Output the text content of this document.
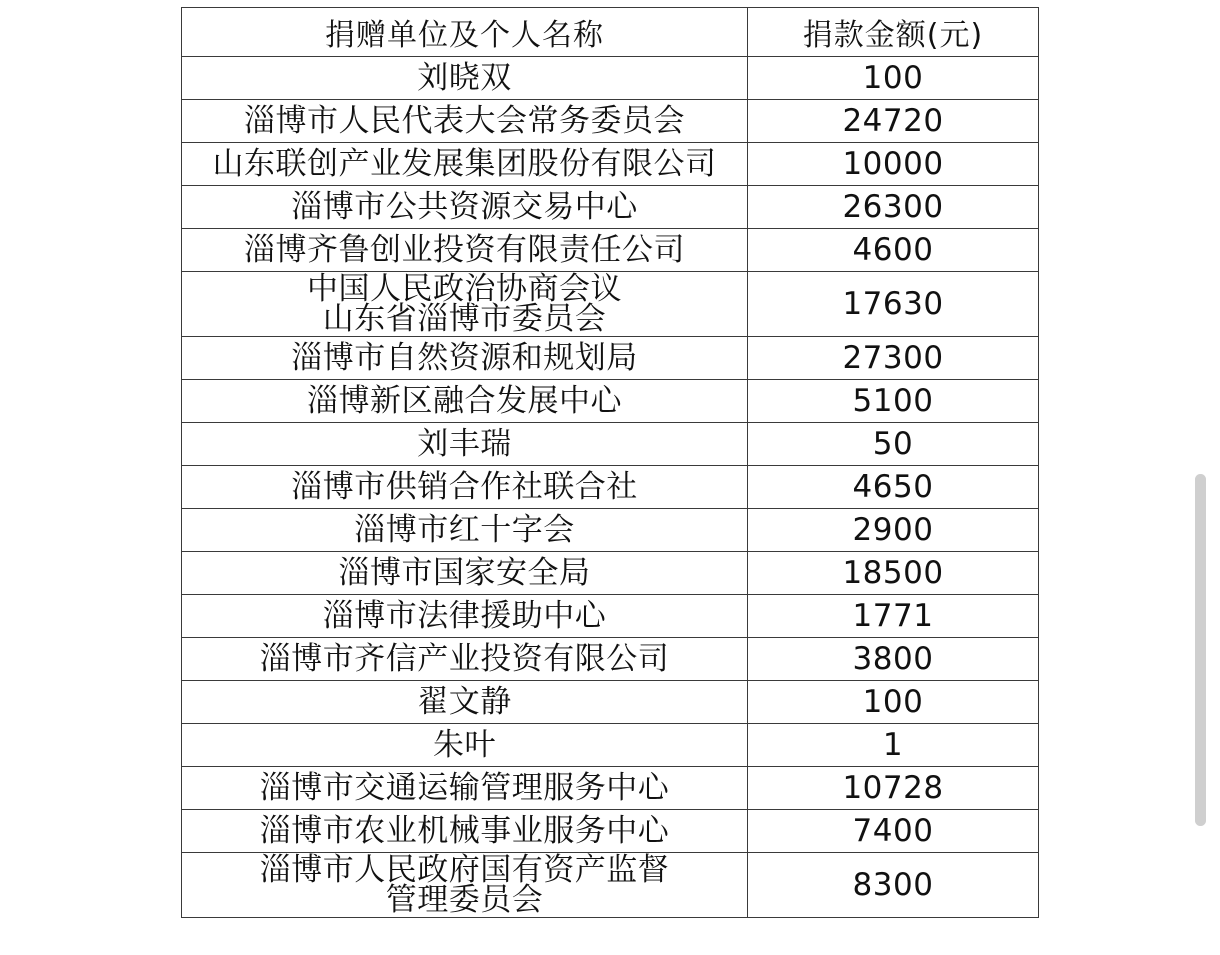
捐赠单位及个人名称	捐款金额(元)
刘晓双	100
淄博市人民代表大会常务委员会	24720
山东联创产业发展集团股份有限公司	10000
淄博市公共资源交易中心	26300
淄博齐鲁创业投资有限责任公司	4600
中国人民政治协商会议
山东省淄博市委员会	17630
淄博市自然资源和规划局	27300
淄博新区融合发展中心	5100
刘丰瑞	50
淄博市供销合作社联合社	4650
淄博市红十字会	2900
淄博市国家安全局	18500
淄博市法律援助中心	1771
淄博市齐信产业投资有限公司	3800
翟文静	100
朱叶	1
淄博市交通运输管理服务中心	10728
淄博市农业机械事业服务中心	7400
淄博市人民政府国有资产监督
管理委员会	8300
